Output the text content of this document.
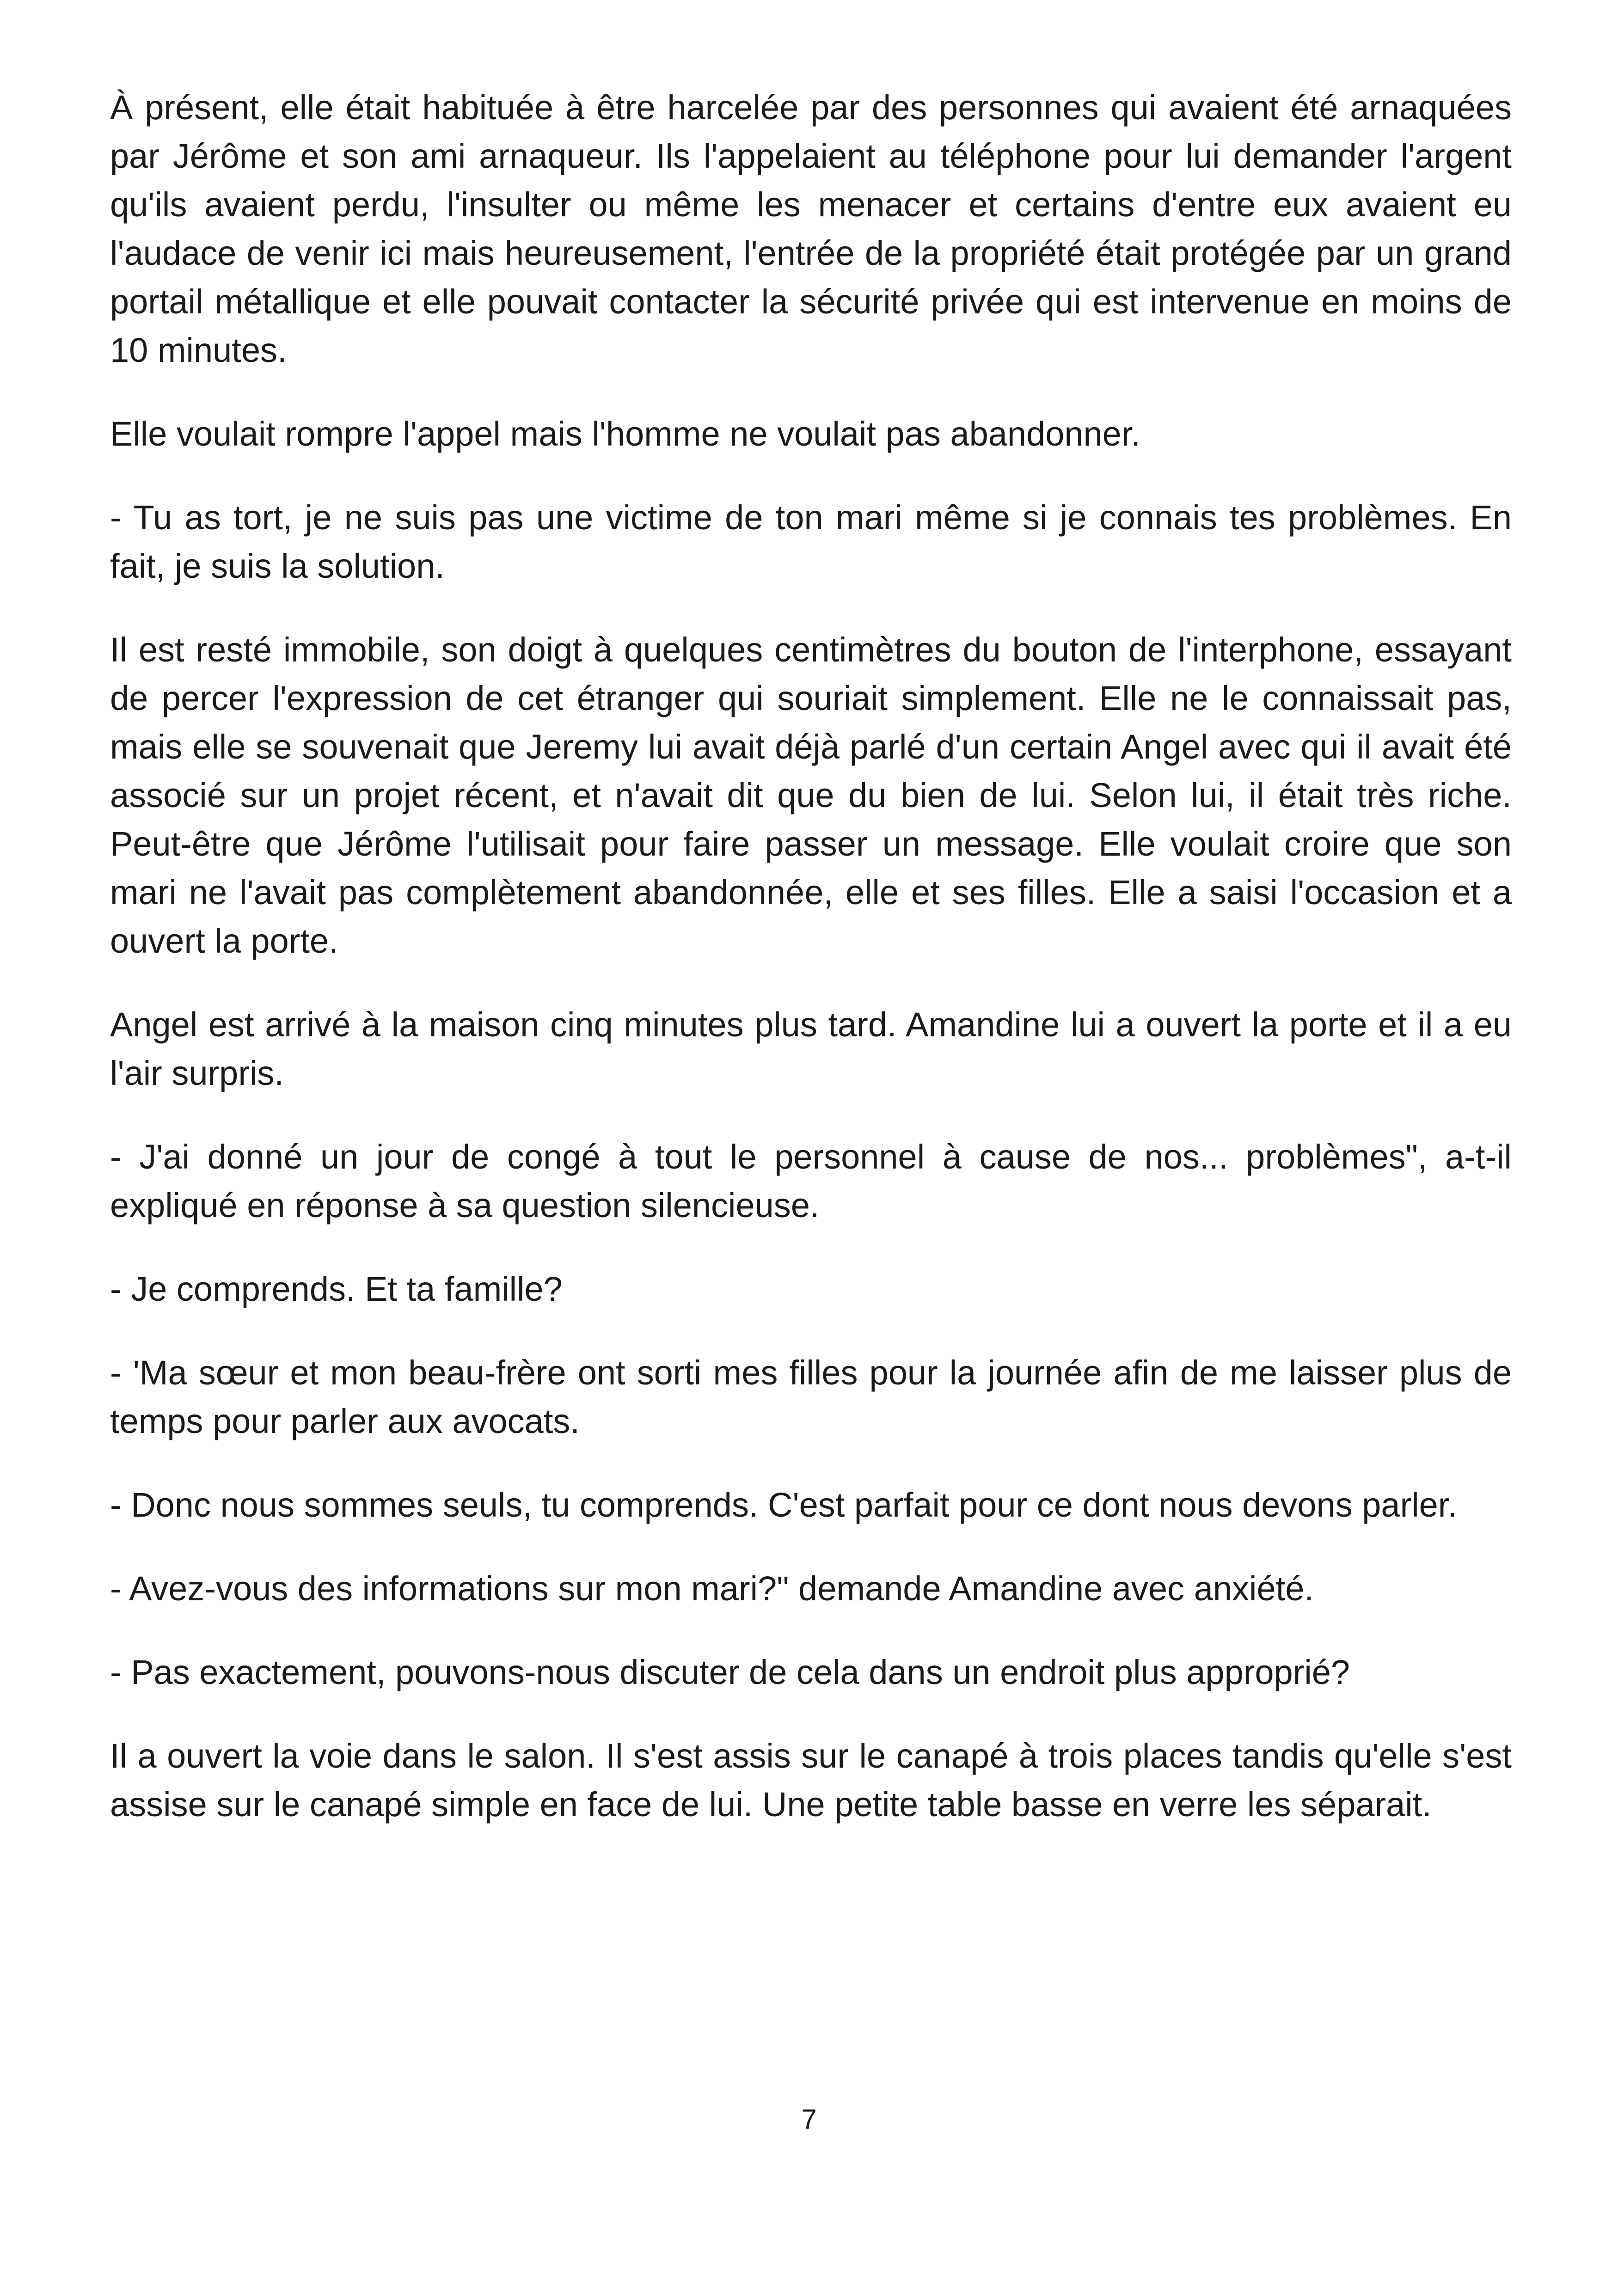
À présent, elle était habituée à être harcelée par des personnes qui avaient été arnaquées par Jérôme et son ami arnaqueur. Ils l'appelaient au téléphone pour lui demander l'argent qu'ils avaient perdu, l'insulter ou même les menacer et certains d'entre eux avaient eu l'audace de venir ici mais heureusement, l'entrée de la propriété était protégée par un grand portail métallique et elle pouvait contacter la sécurité privée qui est intervenue en moins de 10 minutes.

Elle voulait rompre l'appel mais l'homme ne voulait pas abandonner.

- Tu as tort, je ne suis pas une victime de ton mari même si je connais tes problèmes. En fait, je suis la solution.

Il est resté immobile, son doigt à quelques centimètres du bouton de l'interphone, essayant de percer l'expression de cet étranger qui souriait simplement. Elle ne le connaissait pas, mais elle se souvenait que Jeremy lui avait déjà parlé d'un certain Angel avec qui il avait été associé sur un projet récent, et n'avait dit que du bien de lui. Selon lui, il était très riche. Peut-être que Jérôme l'utilisait pour faire passer un message. Elle voulait croire que son mari ne l'avait pas complètement abandonnée, elle et ses filles. Elle a saisi l'occasion et a ouvert la porte.

Angel est arrivé à la maison cinq minutes plus tard. Amandine lui a ouvert la porte et il a eu l'air surpris.

- J'ai donné un jour de congé à tout le personnel à cause de nos... problèmes", a-t-il expliqué en réponse à sa question silencieuse.

- Je comprends. Et ta famille?

- 'Ma sœur et mon beau-frère ont sorti mes filles pour la journée afin de me laisser plus de temps pour parler aux avocats.

- Donc nous sommes seuls, tu comprends. C'est parfait pour ce dont nous devons parler.

- Avez-vous des informations sur mon mari?" demande Amandine avec anxiété.

- Pas exactement, pouvons-nous discuter de cela dans un endroit plus approprié?

Il a ouvert la voie dans le salon. Il s'est assis sur le canapé à trois places tandis qu'elle s'est assise sur le canapé simple en face de lui. Une petite table basse en verre les séparait.

7
